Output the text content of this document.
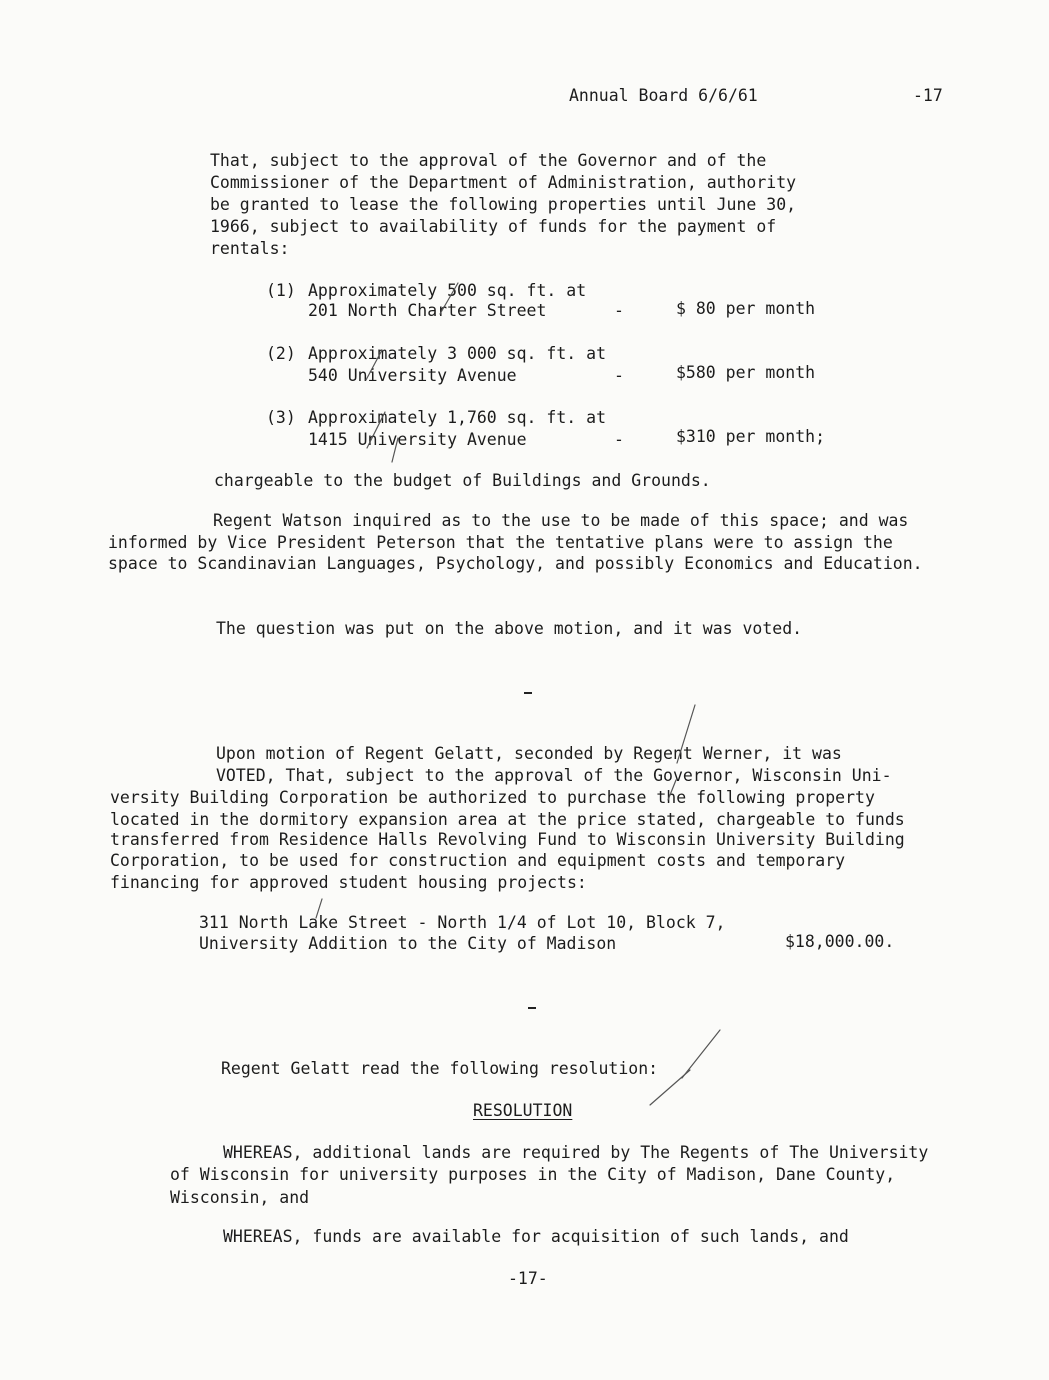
Annual Board 6/6/61	-17
That, subject to the approval of the Governor and of the
Commissioner of the Department of Administration, authority
be granted to lease the following properties until June 30,
1966, subject to availability of funds for the payment of
rentals:
(1) Approximately 500 sq. ft. at
201 North Charter Street	-	$ 80 per month
(2) Approximately 3 000 sq. ft. at
540 University Avenue	-	$580 per month
(3) Approximately 1,760 sq. ft. at
1415 University Avenue	-	$310 per month;
chargeable to the budget of Buildings and Grounds.
Regent Watson inquired as to the use to be made of this space; and was
informed by Vice President Peterson that the tentative plans were to assign the
space to Scandinavian Languages, Psychology, and possibly Economics and Education.
The question was put on the above motion, and it was voted.
Upon motion of Regent Gelatt, seconded by Regent Werner, it was
VOTED, That, subject to the approval of the Governor, Wisconsin Uni-
versity Building Corporation be authorized to purchase the following property
located in the dormitory expansion area at the price stated, chargeable to funds
transferred from Residence Halls Revolving Fund to Wisconsin University Building
Corporation, to be used for construction and equipment costs and temporary
financing for approved student housing projects:
311 North Lake Street - North 1/4 of Lot 10, Block 7,
University Addition to the City of Madison	$18,000.00.
Regent Gelatt read the following resolution:
RESOLUTION
WHEREAS, additional lands are required by The Regents of The University
of Wisconsin for university purposes in the City of Madison, Dane County,
Wisconsin, and
WHEREAS, funds are available for acquisition of such lands, and
-17-
